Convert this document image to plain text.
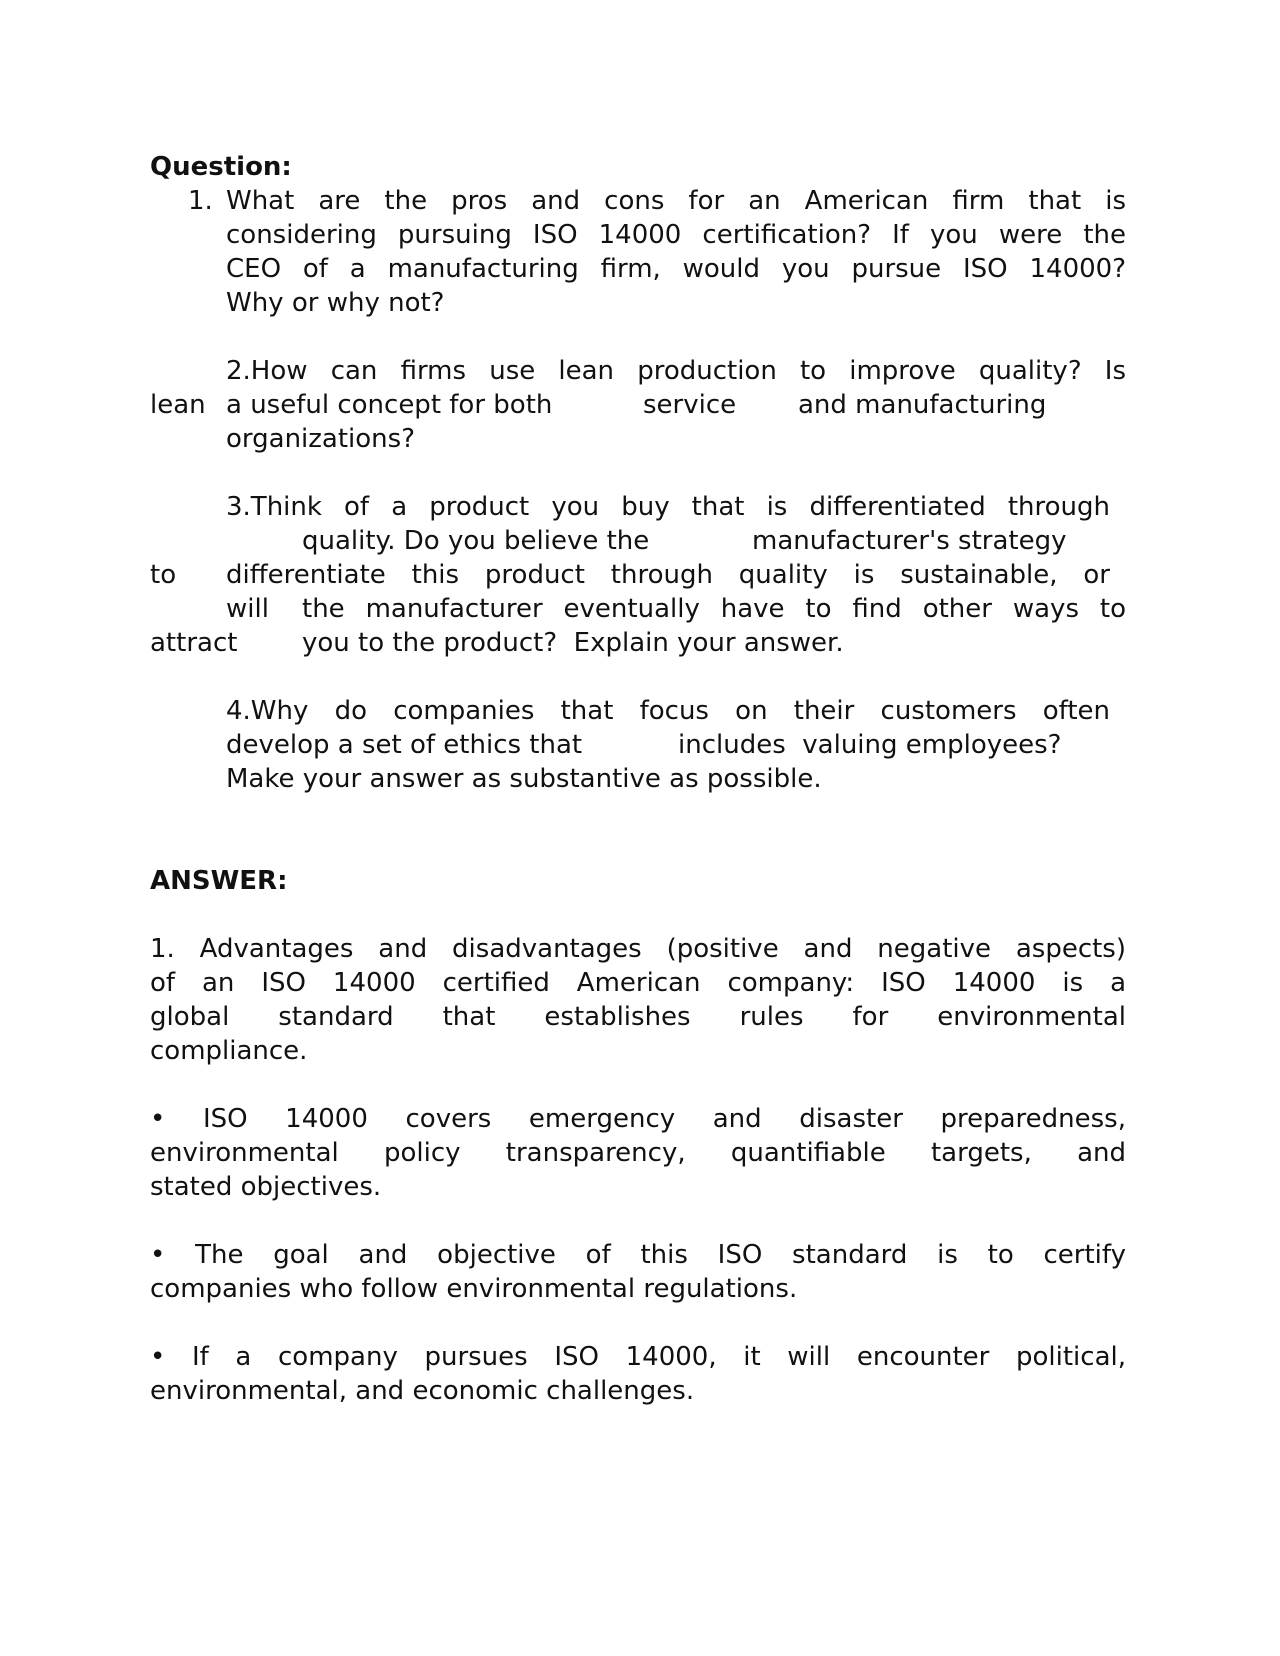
Question:
1. What are the pros and cons for an American firm that is
considering pursuing ISO 14000 certification? If you were the
CEO of a manufacturing firm, would you pursue ISO 14000?
Why or why not?
2.How can firms use lean production to improve quality? Is
lean a useful concept for both	service and manufacturing
organizations?
3.Think of a product you buy that is differentiated through
quality. Do you believe the	manufacturer's strategy
to differentiate this product through quality is sustainable, or
will the manufacturer eventually have to find other ways to
attract you to the product?  Explain your answer.
4.Why do companies that focus on their customers often
develop a set of ethics that	includes  valuing employees?
Make your answer as substantive as possible.
ANSWER:
1. Advantages and disadvantages (positive and negative aspects)
of an ISO 14000 certified American company: ISO 14000 is a
global standard that establishes rules for environmental
compliance.
• ISO 14000 covers emergency and disaster preparedness,
environmental policy transparency, quantifiable targets, and
stated objectives.
• The goal and objective of this ISO standard is to certify
companies who follow environmental regulations.
• If a company pursues ISO 14000, it will encounter political,
environmental, and economic challenges.
